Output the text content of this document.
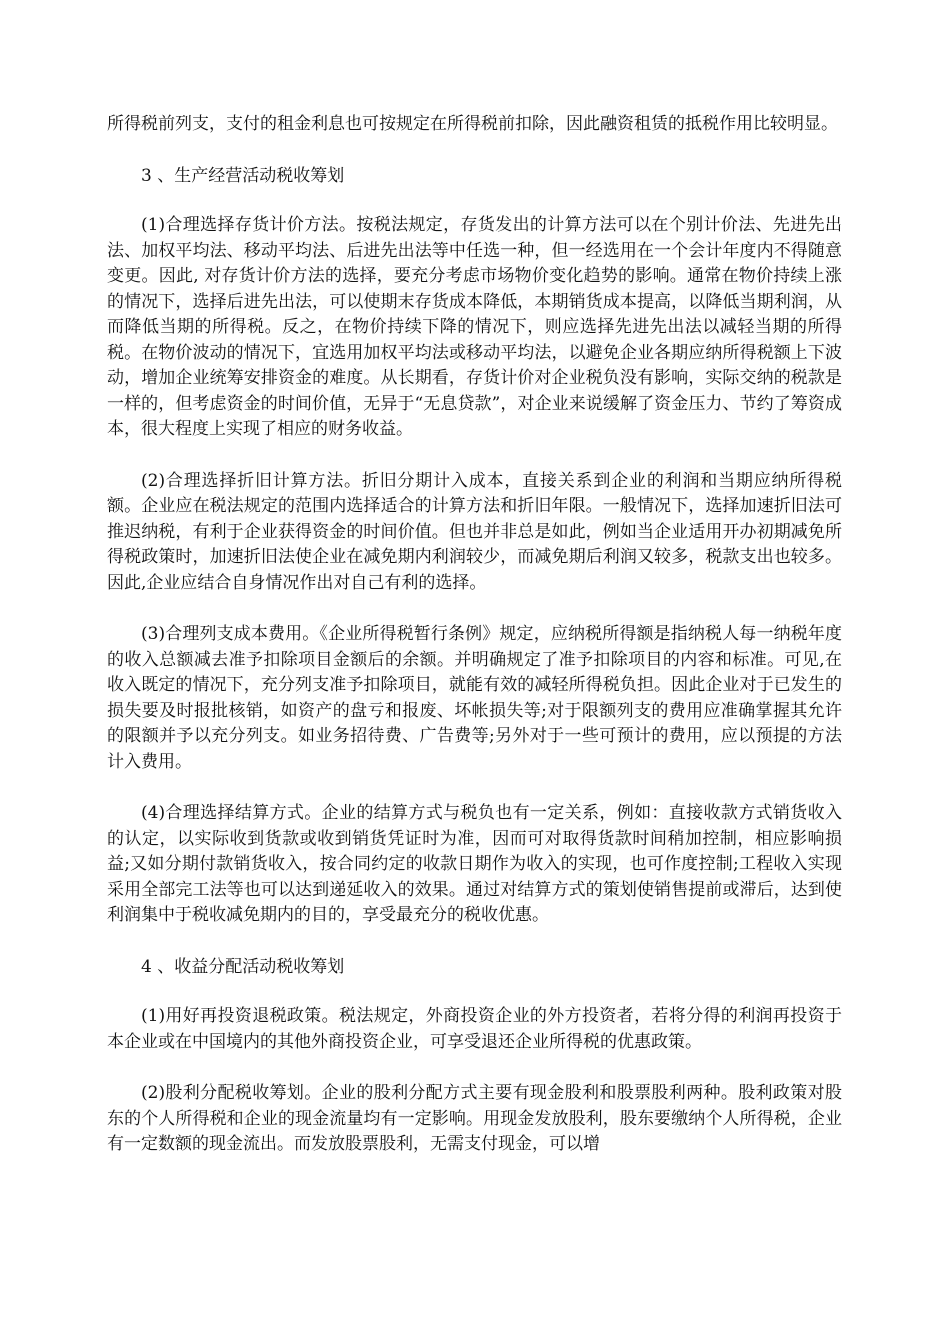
所得税前列支，支付的租金利息也可按规定在所得税前扣除，因此融资租赁的抵税作用比较明显。

3 、生产经营活动税收筹划

(1)合理选择存货计价方法。按税法规定，存货发出的计算方法可以在个别计价法、先进先出法、加权平均法、移动平均法、后进先出法等中任选一种，但一经选用在一个会计年度内不得随意变更。因此, 对存货计价方法的选择，要充分考虑市场物价变化趋势的影响。通常在物价持续上涨的情况下，选择后进先出法，可以使期末存货成本降低，本期销货成本提高，以降低当期利润，从而降低当期的所得税。反之，在物价持续下降的情况下，则应选择先进先出法以减轻当期的所得税。在物价波动的情况下，宜选用加权平均法或移动平均法，以避免企业各期应纳所得税额上下波动，增加企业统筹安排资金的难度。从长期看，存货计价对企业税负没有影响，实际交纳的税款是一样的，但考虑资金的时间价值，无异于“无息贷款”，对企业来说缓解了资金压力、节约了筹资成本，很大程度上实现了相应的财务收益。

(2)合理选择折旧计算方法。折旧分期计入成本，直接关系到企业的利润和当期应纳所得税额。企业应在税法规定的范围内选择适合的计算方法和折旧年限。一般情况下，选择加速折旧法可推迟纳税，有利于企业获得资金的时间价值。但也并非总是如此，例如当企业适用开办初期减免所得税政策时，加速折旧法使企业在减免期内利润较少，而减免期后利润又较多，税款支出也较多。因此,企业应结合自身情况作出对自己有利的选择。

(3)合理列支成本费用。《企业所得税暂行条例》规定，应纳税所得额是指纳税人每一纳税年度的收入总额减去准予扣除项目金额后的余额。并明确规定了准予扣除项目的内容和标准。可见,在收入既定的情况下，充分列支准予扣除项目，就能有效的减轻所得税负担。因此企业对于已发生的损失要及时报批核销，如资产的盘亏和报废、坏帐损失等;对于限额列支的费用应准确掌握其允许的限额并予以充分列支。如业务招待费、广告费等;另外对于一些可预计的费用，应以预提的方法计入费用。

(4)合理选择结算方式。企业的结算方式与税负也有一定关系，例如：直接收款方式销货收入的认定，以实际收到货款或收到销货凭证时为准，因而可对取得货款时间稍加控制，相应影响损益;又如分期付款销货收入，按合同约定的收款日期作为收入的实现，也可作度控制;工程收入实现采用全部完工法等也可以达到递延收入的效果。通过对结算方式的策划使销售提前或滞后，达到使利润集中于税收减免期内的目的，享受最充分的税收优惠。

4 、收益分配活动税收筹划

(1)用好再投资退税政策。税法规定，外商投资企业的外方投资者，若将分得的利润再投资于本企业或在中国境内的其他外商投资企业，可享受退还企业所得税的优惠政策。

(2)股利分配税收筹划。企业的股利分配方式主要有现金股利和股票股利两种。股利政策对股东的个人所得税和企业的现金流量均有一定影响。用现金发放股利，股东要缴纳个人所得税，企业有一定数额的现金流出。而发放股票股利，无需支付现金，可以增
